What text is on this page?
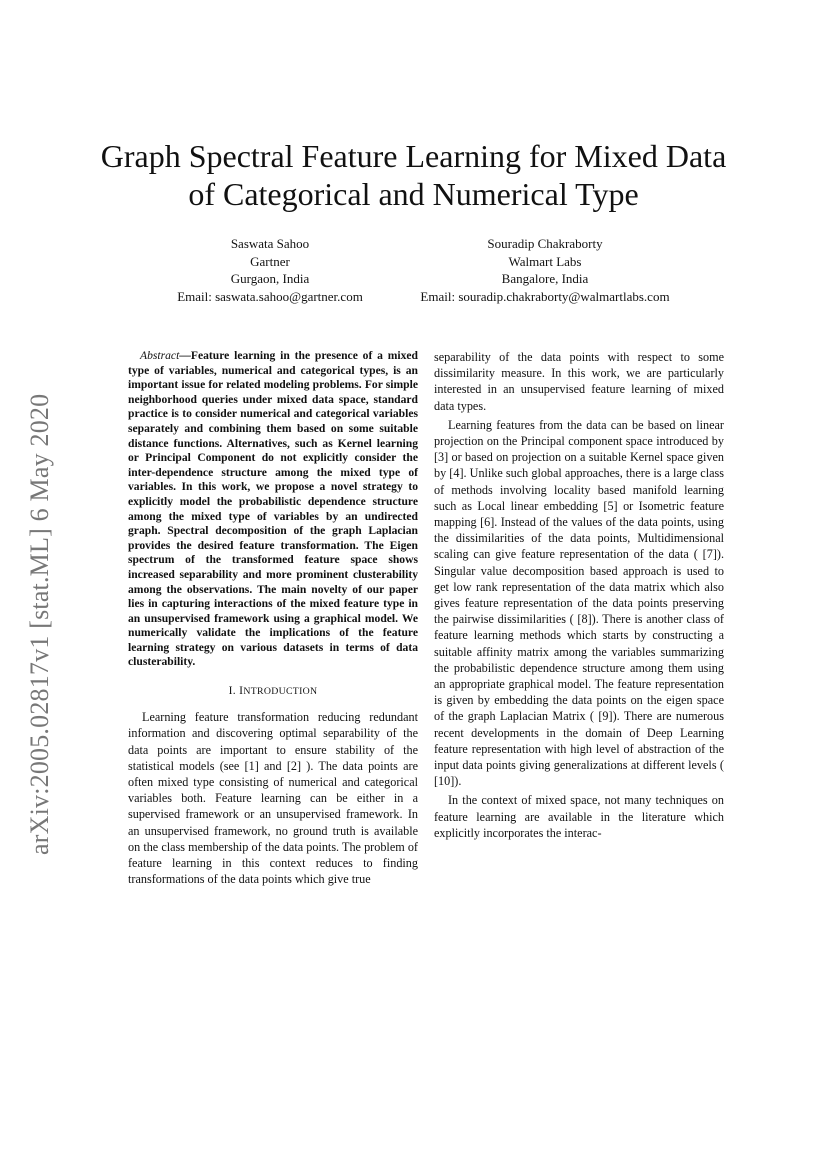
arXiv:2005.02817v1 [stat.ML] 6 May 2020
Graph Spectral Feature Learning for Mixed Data of Categorical and Numerical Type
Saswata Sahoo
Gartner
Gurgaon, India
Email: saswata.sahoo@gartner.com
Souradip Chakraborty
Walmart Labs
Bangalore, India
Email: souradip.chakraborty@walmartlabs.com

Abstract—Feature learning in the presence of a mixed type of variables, numerical and categorical types, is an important issue for related modeling problems. For simple neighborhood queries under mixed data space, standard practice is to consider numerical and categorical variables separately and combining them based on some suitable distance functions. Alternatives, such as Kernel learning or Principal Component do not explicitly consider the inter-dependence structure among the mixed type of variables. In this work, we propose a novel strategy to explicitly model the probabilistic dependence structure among the mixed type of variables by an undirected graph. Spectral decomposition of the graph Laplacian provides the desired feature transformation. The Eigen spectrum of the transformed feature space shows increased separability and more prominent clusterability among the observations. The main novelty of our paper lies in capturing interactions of the mixed feature type in an unsupervised framework using a graphical model. We numerically validate the implications of the feature learning strategy on various datasets in terms of data clusterability.

I. INTRODUCTION

Learning feature transformation reducing redundant information and discovering optimal separability of the data points are important to ensure stability of the statistical models (see [1] and [2] ). The data points are often mixed type consisting of numerical and categorical variables both. Feature learning can be either in a supervised framework or an unsupervised framework. In an unsupervised framework, no ground truth is available on the class membership of the data points. The problem of feature learning in this context reduces to finding transformations of the data points which give true

separability of the data points with respect to some dissimilarity measure. In this work, we are particularly interested in an unsupervised feature learning of mixed data types.

Learning features from the data can be based on linear projection on the Principal component space introduced by [3] or based on projection on a suitable Kernel space given by [4]. Unlike such global approaches, there is a large class of methods involving locality based manifold learning such as Local linear embedding [5] or Isometric feature mapping [6]. Instead of the values of the data points, using the dissimilarities of the data points, Multidimensional scaling can give feature representation of the data ( [7]). Singular value decomposition based approach is used to get low rank representation of the data matrix which also gives feature representation of the data points preserving the pairwise dissimilarities ( [8]). There is another class of feature learning methods which starts by constructing a suitable affinity matrix among the variables summarizing the probabilistic dependence structure among them using an appropriate graphical model. The feature representation is given by embedding the data points on the eigen space of the graph Laplacian Matrix ( [9]). There are numerous recent developments in the domain of Deep Learning feature representation with high level of abstraction of the input data points giving generalizations at different levels ( [10]).

In the context of mixed space, not many techniques on feature learning are available in the literature which explicitly incorporates the interac-
